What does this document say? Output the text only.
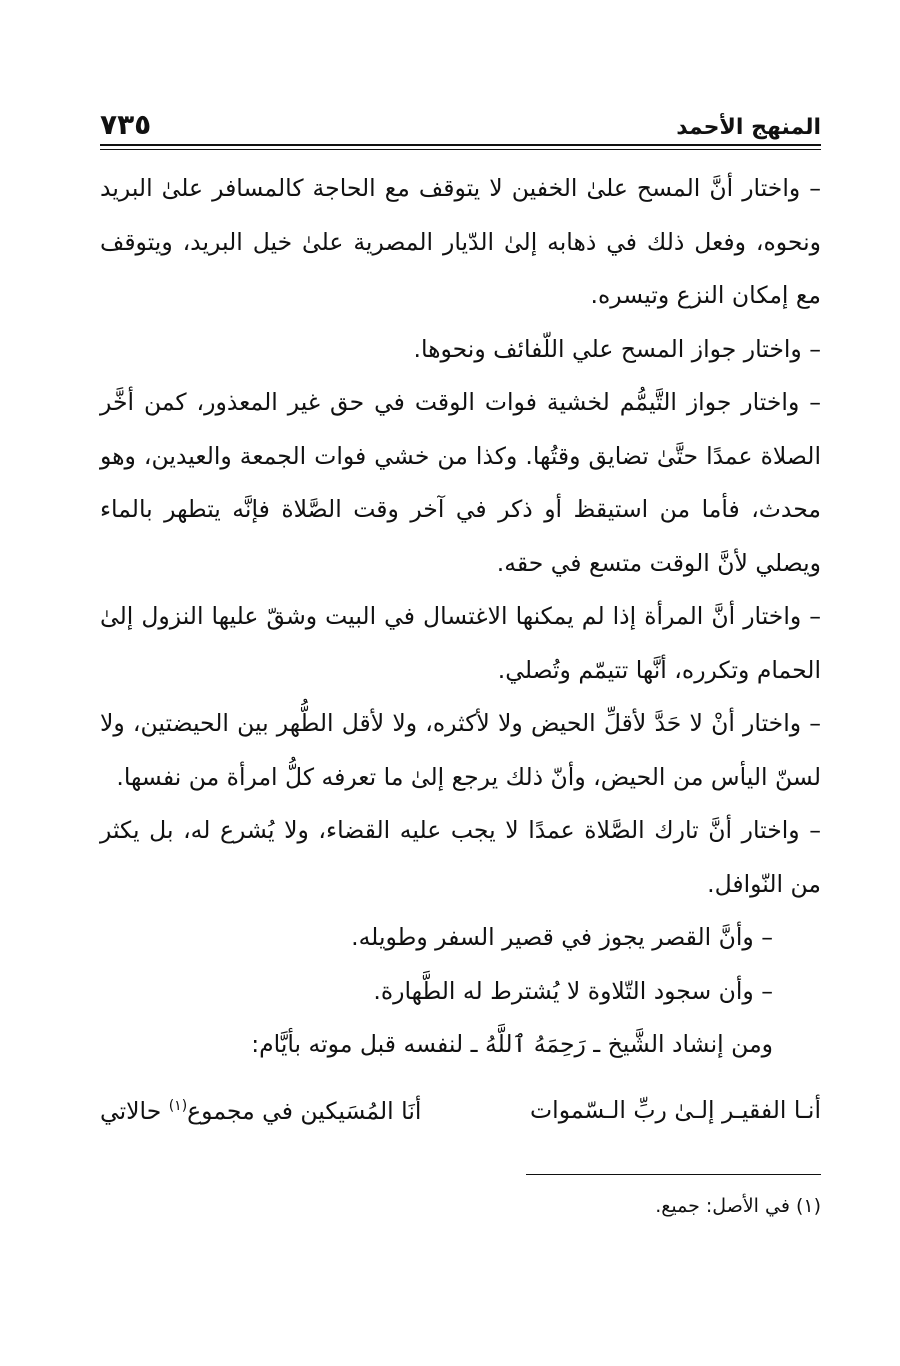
المنهج الأحمد
٧٣٥

– واختار أنَّ المسح علىٰ الخفين لا يتوقف مع الحاجة كالمسافر علىٰ البريد ونحوه، وفعل ذلك في ذهابه إلىٰ الدّيار المصرية علىٰ خيل البريد، ويتوقف مع إمكان النزع وتيسره.

– واختار جواز المسح علي اللّفائف ونحوها.

– واختار جواز التَّيمُّم لخشية فوات الوقت في حق غير المعذور، كمن أخَّر الصلاة عمدًا حتَّىٰ تضايق وقتُها. وكذا من خشي فوات الجمعة والعيدين، وهو محدث، فأما من استيقظ أو ذكر في آخر وقت الصَّلاة فإنَّه يتطهر بالماء ويصلي لأنَّ الوقت متسع في حقه.

– واختار أنَّ المرأة إذا لم يمكنها الاغتسال في البيت وشقّ عليها النزول إلىٰ الحمام وتكرره، أنَّها تتيمّم وتُصلي.

– واختار أنْ لا حَدَّ لأقلِّ الحيض ولا لأكثره، ولا لأقل الطُّهر بين الحيضتين، ولا لسنّ اليأس من الحيض، وأنّ ذلك يرجع إلىٰ ما تعرفه كلُّ امرأة من نفسها.

– واختار أنَّ تارك الصَّلاة عمدًا لا يجب عليه القضاء، ولا يُشرع له، بل يكثر من النّوافل.

– وأنَّ القصر يجوز في قصير السفر وطويله.

– وأن سجود التّلاوة لا يُشترط له الطَّهارة.

ومن إنشاد الشَّيخ ـ رَحِمَهُ ٱللَّهُ ـ لنفسه قبل موته بأيَّام:

أنـا الفقيـر إلـىٰ ربِّ الـسّموات
أنَا المُسَيكين في مجموع$^{(١)}$ حالاتي
(١) في الأصل: جميع.
